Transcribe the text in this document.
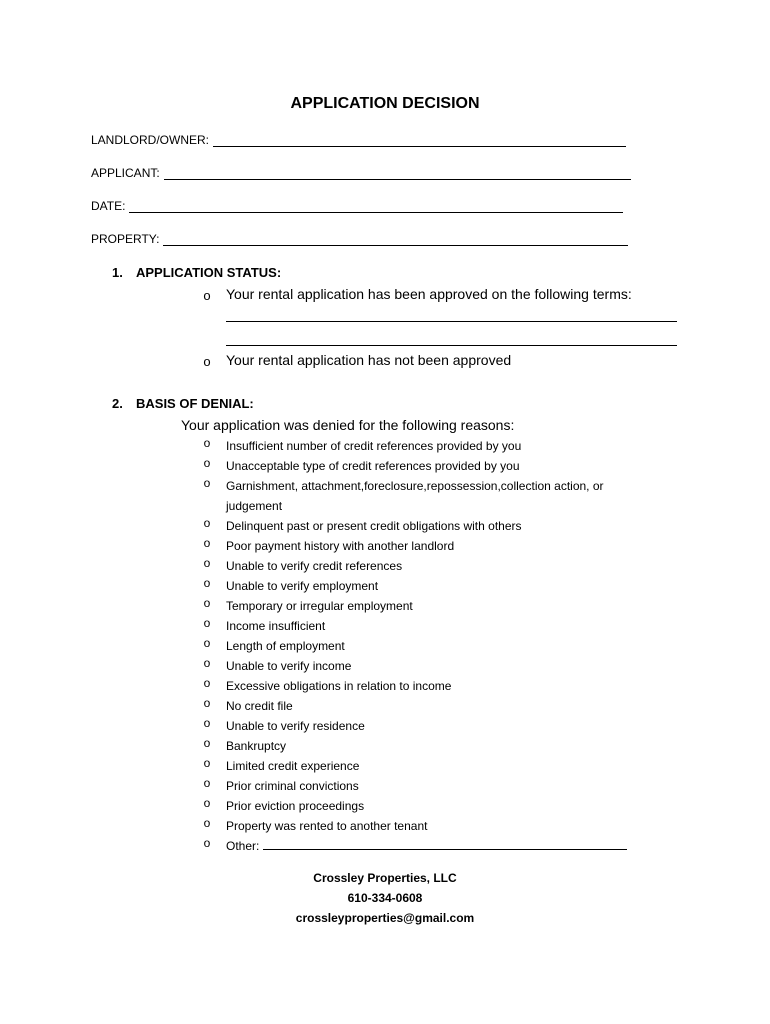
APPLICATION DECISION
LANDLORD/OWNER:
APPLICANT:
DATE:
PROPERTY:
1. APPLICATION STATUS:
o Your rental application has been approved on the following terms:
o Your rental application has not been approved
2. BASIS OF DENIAL:
Your application was denied for the following reasons:
o	Insufficient number of credit references provided by you
o	Unacceptable type of credit references provided by you
o	Garnishment, attachment,foreclosure,repossession,collection action, or judgement
o	Delinquent past or present credit obligations with others
o	Poor payment history with another landlord
o	Unable to verify credit references
o	Unable to verify employment
o	Temporary or irregular employment
o	Income insufficient
o	Length of employment
o	Unable to verify income
o	Excessive obligations in relation to income
o	No credit file
o	Unable to verify residence
o	Bankruptcy
o	Limited credit experience
o	Prior criminal convictions
o	Prior eviction proceedings
o	Property was rented to another tenant
o	Other:
Crossley Properties, LLC
610-334-0608
crossleyproperties@gmail.com
